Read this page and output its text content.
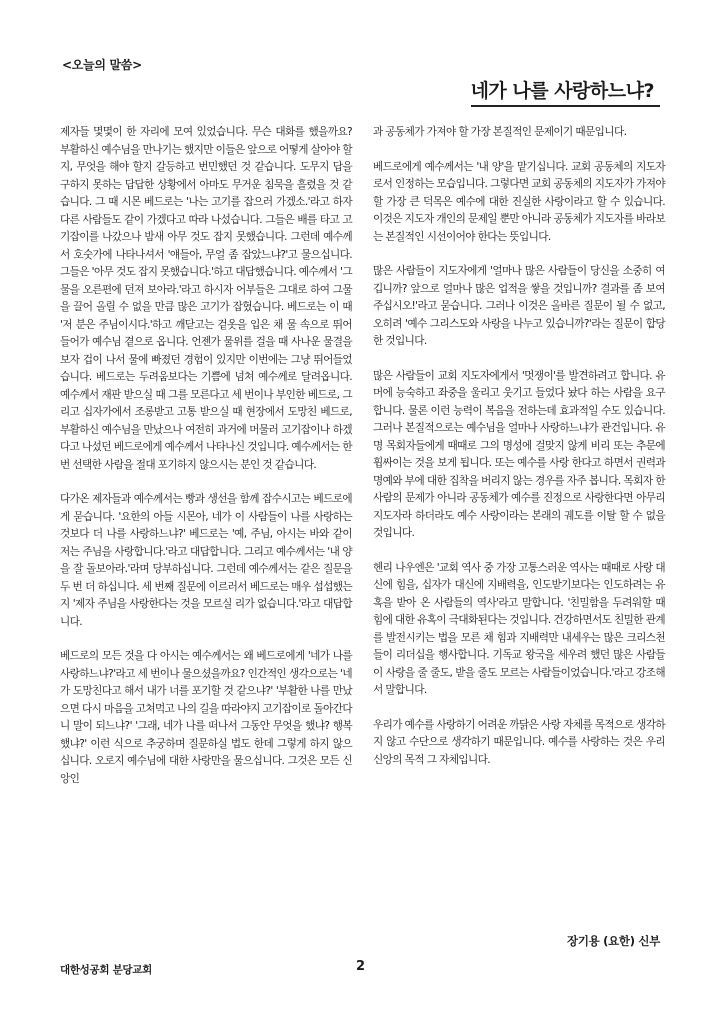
<오늘의 말씀>
네가 나를 사랑하느냐?

제자들 몇몇이 한 자리에 모여 있었습니다. 무슨 대화를 했을까요? 부활하신 예수님을 만나기는 했지만 이들은 앞으로 어떻게 살아야 할지, 무엇을 해야 할지 갈등하고 번민했던 것 같습니다. 도무지 답을 구하지 못하는 답답한 상황에서 아마도 무거운 침묵을 흘렸을 것 같습니다. 그 때 시몬 베드로는 '나는 고기를 잡으러 가겠소.'라고 하자 다른 사람들도 같이 가겠다고 따라 나섰습니다. 그들은 배를 타고 고기잡이를 나갔으나 밤새 아무 것도 잡지 못했습니다. 그런데 예수께서 호숫가에 나타나셔서 '얘들아, 무얼 좀 잡았느냐?'고 물으십니다. 그들은 '아무 것도 잡지 못했습니다.'하고 대답했습니다. 예수께서 '그물을 오른편에 던져 보아라.'라고 하시자 어부들은 그대로 하여 그물을 끌어 올릴 수 없을 만큼 많은 고기가 잡혔습니다. 베드로는 이 때 '저 분은 주님이시다.'하고 깨닫고는 겉옷을 입은 채 물 속으로 뛰어 들어가 예수님 곁으로 옵니다. 언젠가 물위를 걸을 때 사나운 물결을 보자 겁이 나서 물에 빠졌던 경험이 있지만 이번에는 그냥 뛰어들었습니다. 베드로는 두려움보다는 기쁨에 넘쳐 예수께로 달려옵니다. 예수께서 재판 받으실 때 그를 모른다고 세 번이나 부인한 베드로, 그리고 십자가에서 조롱받고 고통 받으실 때 현장에서 도망친 베드로, 부활하신 예수님을 만났으나 여전히 과거에 머물러 고기잡이나 하겠다고 나섰던 베드로에게 예수께서 나타나신 것입니다. 예수께서는 한번 선택한 사람을 절대 포기하지 않으시는 분인 것 같습니다.

다가온 제자들과 예수께서는 빵과 생선을 함께 잡수시고는 베드로에게 묻습니다. '요한의 아들 시몬아, 네가 이 사람들이 나를 사랑하는 것보다 더 나를 사랑하느냐?' 베드로는 '예, 주님, 아시는 바와 같이 저는 주님을 사랑합니다.'라고 대답합니다. 그리고 예수께서는 '내 양을 잘 돌보아라.'라며 당부하십니다. 그런데 예수께서는 같은 질문을 두 번 더 하십니다. 세 번째 질문에 이르러서 베드로는 매우 섭섭했는지 '제자 주님을 사랑한다는 것을 모르실 리가 없습니다.'라고 대답합니다.

베드로의 모든 것을 다 아시는 예수께서는 왜 베드로에게 '네가 나를 사랑하느냐?'라고 세 번이나 물으셨을까요? 인간적인 생각으로는 '네가 도망친다고 해서 내가 너를 포기할 것 같으냐?' '부활한 나를 만났으면 다시 마음을 고쳐먹고 나의 길을 따라야지 고기잡이로 돌아간다니 말이 되느냐?' '그래, 네가 나를 떠나서 그동안 무엇을 했냐? 행복했냐?' 이런 식으로 추궁하며 질문하실 법도 한데 그렇게 하지 않으십니다. 오로지 예수님에 대한 사랑만을 물으십니다. 그것은 모든 신앙인

과 공동체가 가져야 할 가장 본질적인 문제이기 때문입니다.

베드로에게 예수께서는 '내 양'을 맡기십니다. 교회 공동체의 지도자로서 인정하는 모습입니다. 그렇다면 교회 공동체의 지도자가 가져야 할 가장 큰 덕목은 예수에 대한 진실한 사랑이라고 할 수 있습니다. 이것은 지도자 개인의 문제일 뿐만 아니라 공동체가 지도자를 바라보는 본질적인 시선이어야 한다는 뜻입니다.

많은 사람들이 지도자에게 '얼마나 많은 사람들이 당신을 소중히 여깁니까? 앞으로 얼마나 많은 업적을 쌓을 것입니까? 결과를 좀 보여 주십시오!'라고 묻습니다. 그러나 이것은 올바른 질문이 될 수 없고, 오히려 '예수 그리스도와 사랑을 나누고 있습니까?'라는 질문이 합당한 것입니다.

많은 사람들이 교회 지도자에게서 '멋쟁이'를 발견하려고 합니다. 유머에 능숙하고 좌중을 울리고 웃기고 들었다 놨다 하는 사람을 요구합니다. 물론 이런 능력이 복음을 전하는데 효과적일 수도 있습니다. 그러나 본질적으로는 예수님을 얼마나 사랑하느냐가 관건입니다. 유명 목회자들에게 때때로 그의 명성에 걸맞지 않게 비리 또는 추문에 휩싸이는 것을 보게 됩니다. 또는 예수를 사랑 한다고 하면서 권력과 명예와 부에 대한 집착을 버리지 않는 경우를 자주 봅니다. 목회자 한 사람의 문제가 아니라 공동체가 예수를 진정으로 사랑한다면 아무리 지도자라 하더라도 예수 사랑이라는 본래의 궤도를 이탈 할 수 없을 것입니다.

헨리 나우엔은 '교회 역사 중 가장 고통스러운 역사는 때때로 사랑 대신에 힘을, 십자가 대신에 지배력을, 인도받기보다는 인도하려는 유혹을 받아 온 사람들의 역사'라고 말합니다. '친밀함을 두려워할 때 힘에 대한 유혹이 극대화된다는 것입니다. 건강하면서도 친밀한 관계를 발전시키는 법을 모른 채 힘과 지배력만 내세우는 많은 크리스천들이 리더십을 행사합니다. 기독교 왕국을 세우려 했던 많은 사람들이 사랑을 줄 줄도, 받을 줄도 모르는 사람들이었습니다.'라고 강조해서 말합니다.

우리가 예수를 사랑하기 어려운 까닭은 사랑 자체를 목적으로 생각하지 않고 수단으로 생각하기 때문입니다. 예수를 사랑하는 것은 우리 신앙의 목적 그 자체입니다.

장기용 (요한) 신부
대한성공회 분당교회	2
